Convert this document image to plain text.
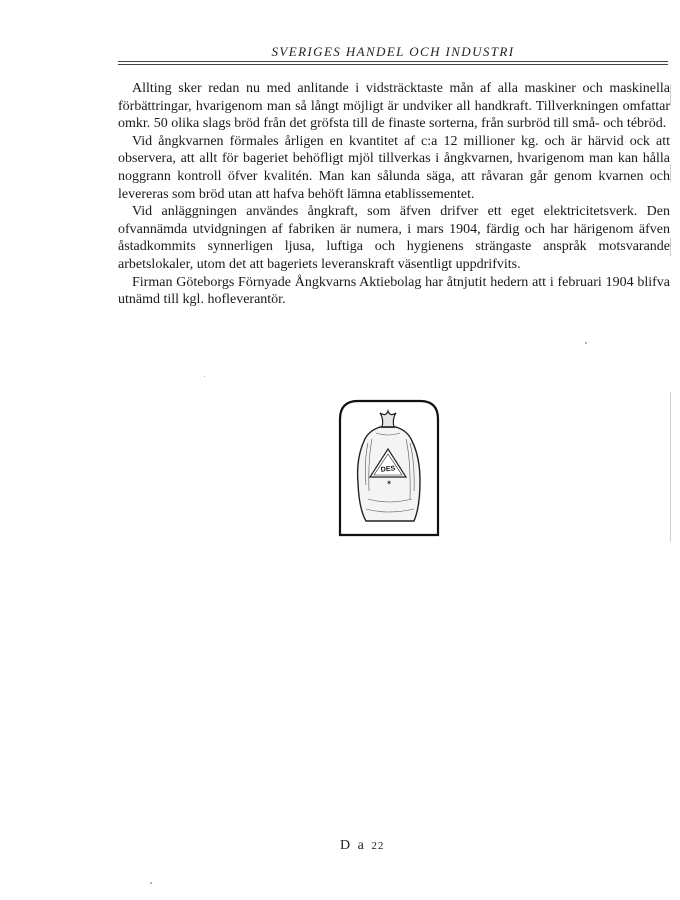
SVERIGES HANDEL OCH INDUSTRI

Allting sker redan nu med anlitande i vidsträcktaste mån af alla maskiner och maskinella förbättringar, hvarigenom man så långt möjligt är undviker all handkraft. Tillverkningen omfattar omkr. 50 olika slags bröd från det gröfsta till de finaste sorterna, från surbröd till små- och tébröd.

Vid ångkvarnen förmales årligen en kvantitet af c:a 12 millioner kg. och är härvid ock att observera, att allt för bageriet behöfligt mjöl tillverkas i ångkvarnen, hvarigenom man kan hålla noggrann kontroll öfver kvalitén. Man kan sålunda säga, att råvaran går genom kvarnen och levereras som bröd utan att hafva behöft lämna etablissementet.

Vid anläggningen användes ångkraft, som äfven drifver ett eget elektricitetsverk. Den ofvannämda utvidgningen af fabriken är numera, i mars 1904, färdig och har härigenom äfven åstadkommits synnerligen ljusa, luftiga och hygienens strängaste anspråk motsvarande arbetslokaler, utom det att bageriets leveranskraft väsentligt uppdrifvits.

Firman Göteborgs Förnyade Ångkvarns Aktiebolag har åtnjutit hedern att i februari 1904 blifva utnämd till kgl. hofleverantör.

DES
✶
D a 22
